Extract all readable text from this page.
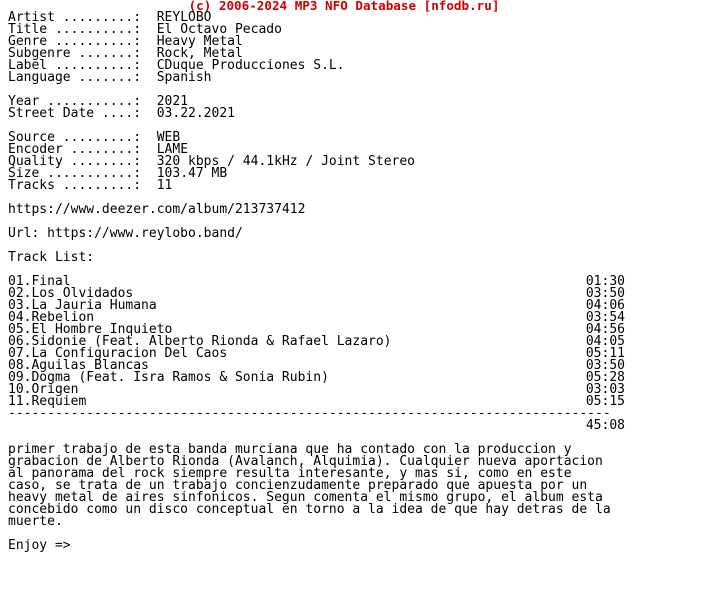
(c) 2006-2024 MP3 NFO Database [nfodb.ru]
Artist .........: REYLOBO
Title ..........: El Octavo Pecado
Genre ..........: Heavy Metal
Subgenre .......: Rock, Metal
Label ..........: CDuque Producciones S.L.
Language .......: Spanish
Year ...........: 2021
Street Date ....: 03.22.2021
Source .........: WEB
Encoder ........: LAME
Quality ........: 320 kbps / 44.1kHz / Joint Stereo
Size ...........: 103.47 MB
Tracks .........: 11
https://www.deezer.com/album/213737412
Url: https://www.reylobo.band/
Track List:
01.Final	01:30
02.Los Olvidados	03:50
03.La Jauria Humana	04:06
04.Rebelion	03:54
05.El Hombre Inquieto	04:56
06.Sidonie (Feat. Alberto Rionda & Rafael Lazaro)	04:05
07.La Configuracion Del Caos	05:11
08.Aguilas Blancas	03:50
09.Dogma (Feat. Isra Ramos & Sonia Rubin)	05:28
10.Origen	03:03
11.Requiem	05:15
-----------------------------------------------------------------------------
45:08
primer trabajo de esta banda murciana que ha contado con la produccion y
grabacion de Alberto Rionda (Avalanch, Alquimia). Cualquier nueva aportacion
al panorama del rock siempre resulta interesante, y mas si, como en este
caso, se trata de un trabajo concienzudamente preparado que apuesta por un
heavy metal de aires sinfonicos. Segun comenta el mismo grupo, el album esta
concebido como un disco conceptual en torno a la idea de que hay detras de la
muerte.
Enjoy =>
